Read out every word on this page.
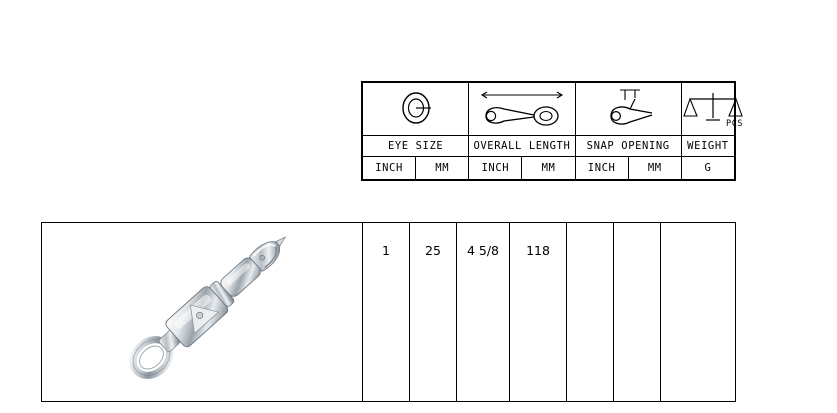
PCS

EYE SIZE		OVERALL LENGTH		SNAP OPENING		WEIGHT
INCH	MM	INCH	MM	INCH	MM	G
	1	25	4 5/8	118			
